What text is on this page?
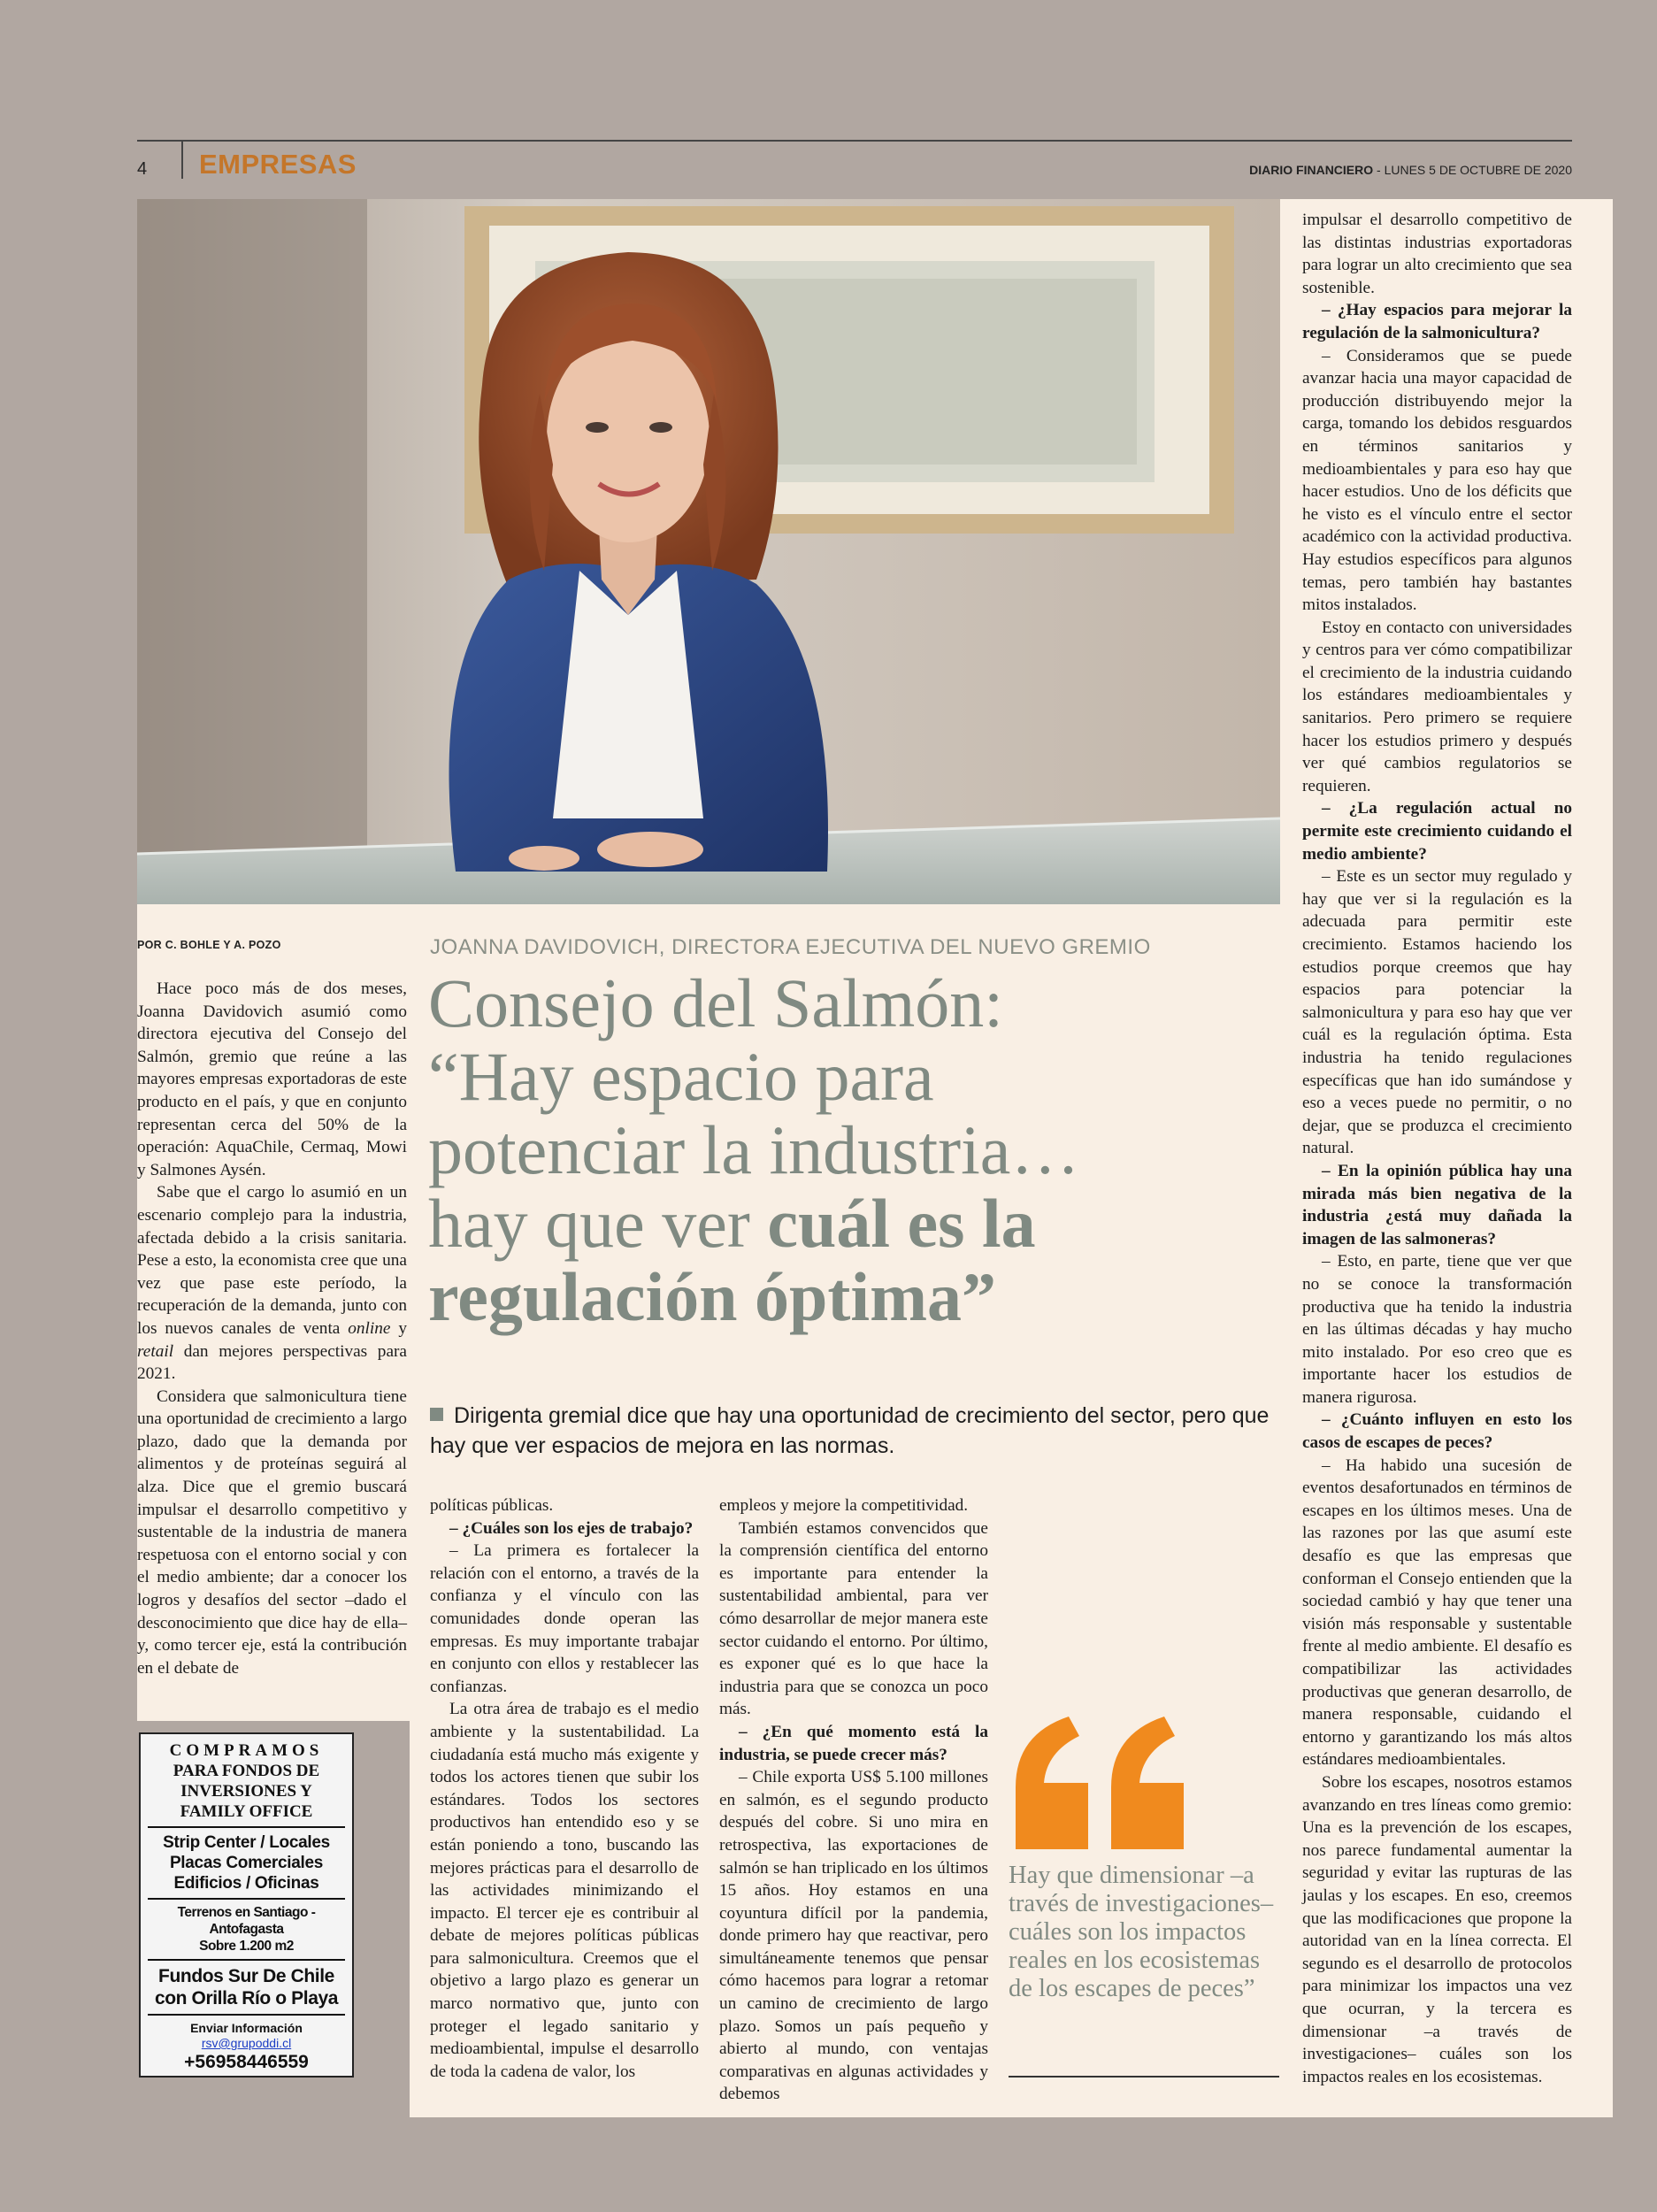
4 EMPRESAS	DIARIO FINANCIERO - LUNES 5 DE OCTUBRE DE 2020
POR C. BOHLE Y A. POZO

Hace poco más de dos meses, Joanna Davidovich asumió como directora ejecutiva del Consejo del Salmón, gremio que reúne a las mayores empresas exportadoras de este producto en el país, y que en conjunto representan cerca del 50% de la operación: AquaChile, Cermaq, Mowi y Salmones Aysén.

Sabe que el cargo lo asumió en un escenario complejo para la industria, afectada debido a la crisis sanitaria. Pese a esto, la economista cree que una vez que pase este período, la recuperación de la demanda, junto con los nuevos canales de venta online y retail dan mejores perspectivas para 2021.

Considera que salmonicultura tiene una oportunidad de crecimiento a largo plazo, dado que la demanda por alimentos y de proteínas seguirá al alza. Dice que el gremio buscará impulsar el desarrollo competitivo y sustentable de la industria de manera respetuosa con el entorno social y con el medio ambiente; dar a conocer los logros y desafíos del sector –dado el desconocimiento que dice hay de ella– y, como tercer eje, está la contribución en el debate de

JOANNA DAVIDOVICH, DIRECTORA EJECUTIVA DEL NUEVO GREMIO
Consejo del Salmón:
“Hay espacio para
potenciar la industria…
hay que ver cuál es la
regulación óptima”
Dirigenta gremial dice que hay una oportunidad de crecimiento del sector, pero que hay que ver espacios de mejora en las normas.

políticas públicas.

– ¿Cuáles son los ejes de trabajo?

– La primera es fortalecer la relación con el entorno, a través de la confianza y el vínculo con las comunidades donde operan las empresas. Es muy importante trabajar en conjunto con ellos y restablecer las confianzas.

La otra área de trabajo es el medio ambiente y la sustentabilidad. La ciudadanía está mucho más exigente y todos los actores tienen que subir los estándares. Todos los sectores productivos han entendido eso y se están poniendo a tono, buscando las mejores prácticas para el desarrollo de las actividades minimizando el impacto. El tercer eje es contribuir al debate de mejores políticas públicas para salmonicultura. Creemos que el objetivo a largo plazo es generar un marco normativo que, junto con proteger el legado sanitario y medioambiental, impulse el desarrollo de toda la cadena de valor, los

empleos y mejore la competitividad.

También estamos convencidos que la comprensión científica del entorno es importante para entender la sustentabilidad ambiental, para ver cómo desarrollar de mejor manera este sector cuidando el entorno. Por último, es exponer qué es lo que hace la industria para que se conozca un poco más.

– ¿En qué momento está la industria, se puede crecer más?

– Chile exporta US$ 5.100 millones en salmón, es el segundo producto después del cobre. Si uno mira en retrospectiva, las exportaciones de salmón se han triplicado en los últimos 15 años. Hoy estamos en una coyuntura difícil por la pandemia, donde primero hay que reactivar, pero simultáneamente tenemos que pensar cómo hacemos para lograr a retomar un camino de crecimiento de largo plazo. Somos un país pequeño y abierto al mundo, con ventajas comparativas en algunas actividades y debemos

impulsar el desarrollo competitivo de las distintas industrias exportadoras para lograr un alto crecimiento que sea sostenible.

– ¿Hay espacios para mejorar la regulación de la salmonicultura?

– Consideramos que se puede avanzar hacia una mayor capacidad de producción distribuyendo mejor la carga, tomando los debidos resguardos en términos sanitarios y medioambientales y para eso hay que hacer estudios. Uno de los déficits que he visto es el vínculo entre el sector académico con la actividad productiva. Hay estudios específicos para algunos temas, pero también hay bastantes mitos instalados.

Estoy en contacto con universidades y centros para ver cómo compatibilizar el crecimiento de la industria cuidando los estándares medioambientales y sanitarios. Pero primero se requiere hacer los estudios primero y después ver qué cambios regulatorios se requieren.

– ¿La regulación actual no permite este crecimiento cuidando el medio ambiente?

– Este es un sector muy regulado y hay que ver si la regulación es la adecuada para permitir este crecimiento. Estamos haciendo los estudios porque creemos que hay espacios para potenciar la salmonicultura y para eso hay que ver cuál es la regulación óptima. Esta industria ha tenido regulaciones específicas que han ido sumándose y eso a veces puede no permitir, o no dejar, que se produzca el crecimiento natural.

– En la opinión pública hay una mirada más bien negativa de la industria ¿está muy dañada la imagen de las salmoneras?

– Esto, en parte, tiene que ver que no se conoce la transformación productiva que ha tenido la industria en las últimas décadas y hay mucho mito instalado. Por eso creo que es importante hacer los estudios de manera rigurosa.

– ¿Cuánto influyen en esto los casos de escapes de peces?

– Ha habido una sucesión de eventos desafortunados en términos de escapes en los últimos meses. Una de las razones por las que asumí este desafío es que las empresas que conforman el Consejo entienden que la sociedad cambió y hay que tener una visión más responsable y sustentable frente al medio ambiente. El desafío es compatibilizar las actividades productivas que generan desarrollo, de manera responsable, cuidando el entorno y garantizando los más altos estándares medioambientales.

Sobre los escapes, nosotros estamos avanzando en tres líneas como gremio: Una es la prevención de los escapes, nos parece fundamental aumentar la seguridad y evitar las rupturas de las jaulas y los escapes. En eso, creemos que las modificaciones que propone la autoridad van en la línea correcta. El segundo es el desarrollo de protocolos para minimizar los impactos una vez que ocurran, y la tercera es dimensionar –a través de investigaciones– cuáles son los impactos reales en los ecosistemas.

Hay que dimensionar –a través de investigaciones– cuáles son los impactos reales en los ecosistemas de los escapes de peces”
COMPRAMOS
PARA FONDOS DE
INVERSIONES Y
FAMILY OFFICE
Strip Center / Locales
Placas Comerciales
Edificios / Oficinas
Terrenos en Santiago - Antofagasta
Sobre 1.200 m2
Fundos Sur De Chile
con Orilla Río o Playa
Enviar Información
rsv@grupoddi.cl
+56958446559
